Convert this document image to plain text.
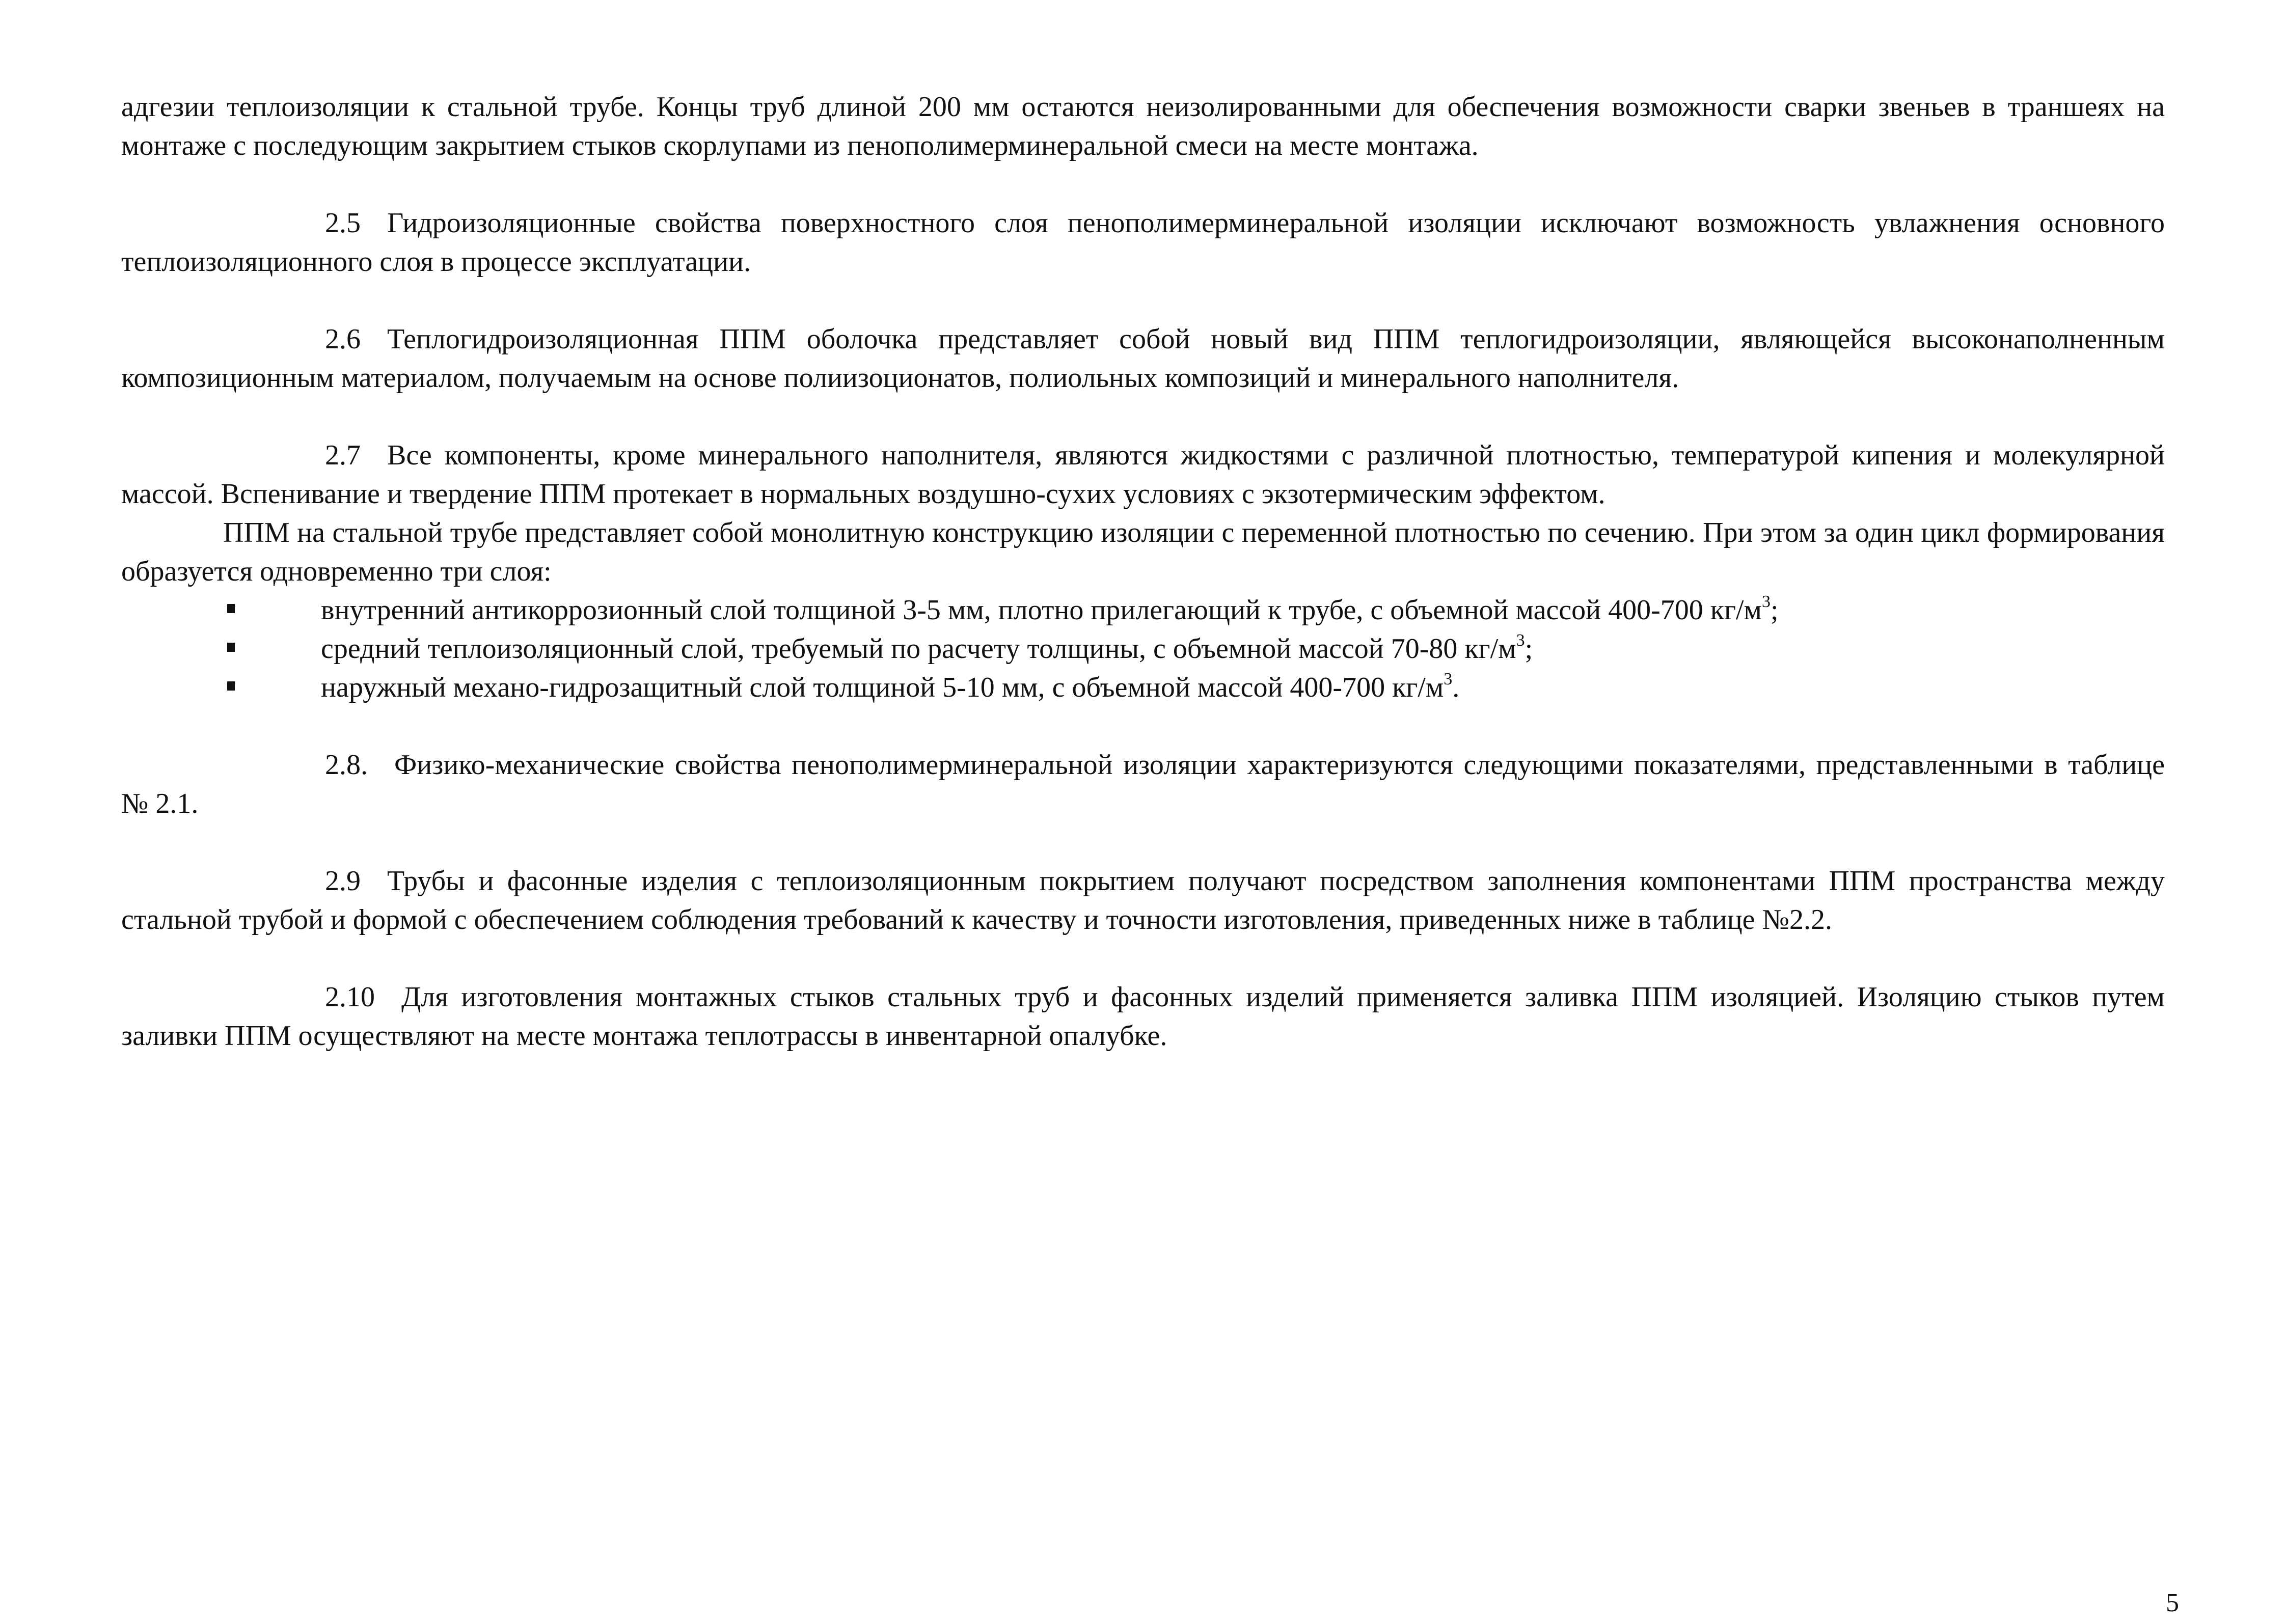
адгезии теплоизоляции к стальной трубе. Концы труб длиной 200 мм остаются неизолированными для обеспечения возможности сварки звеньев в траншеях на монтаже с последующим закрытием стыков скорлупами из пенополимерминеральной смеси на месте монтажа.

2.5 Гидроизоляционные свойства поверхностного слоя пенополимерминеральной изоляции исключают возможность увлажнения основного теплоизоляционного слоя в процессе эксплуатации.

2.6 Теплогидроизоляционная ППМ оболочка представляет собой новый вид ППМ теплогидроизоляции, являющейся высоконаполненным композиционным материалом, получаемым на основе полиизоционатов, полиольных композиций и минерального наполнителя.

2.7 Все компоненты, кроме минерального наполнителя, являются жидкостями с различной плотностью, температурой кипения и молекулярной массой. Вспенивание и твердение ППМ протекает в нормальных воздушно-сухих условиях с экзотермическим эффектом.

ППМ на стальной трубе представляет собой монолитную конструкцию изоляции с переменной плотностью по сечению. При этом за один цикл формирования образуется одновременно три слоя:

внутренний антикоррозионный слой толщиной 3-5 мм, плотно прилегающий к трубе, с объемной массой 400-700 $кг/м^3$;
средний теплоизоляционный слой, требуемый по расчету толщины, с объемной массой 70-80 $кг/м^3$;
наружный механо-гидрозащитный слой толщиной 5-10 мм, с объемной массой 400-700 $кг/м^3$.

2.8. Физико-механические свойства пенополимерминеральной изоляции характеризуются следующими показателями, представленными в таблице № 2.1.

2.9 Трубы и фасонные изделия с теплоизоляционным покрытием получают посредством заполнения компонентами ППМ пространства между стальной трубой и формой с обеспечением соблюдения требований к качеству и точности изготовления, приведенных ниже в таблице №2.2.

2.10 Для изготовления монтажных стыков стальных труб и фасонных изделий применяется заливка ППМ изоляцией. Изоляцию стыков путем заливки ППМ осуществляют на месте монтажа теплотрассы в инвентарной опалубке.

5
